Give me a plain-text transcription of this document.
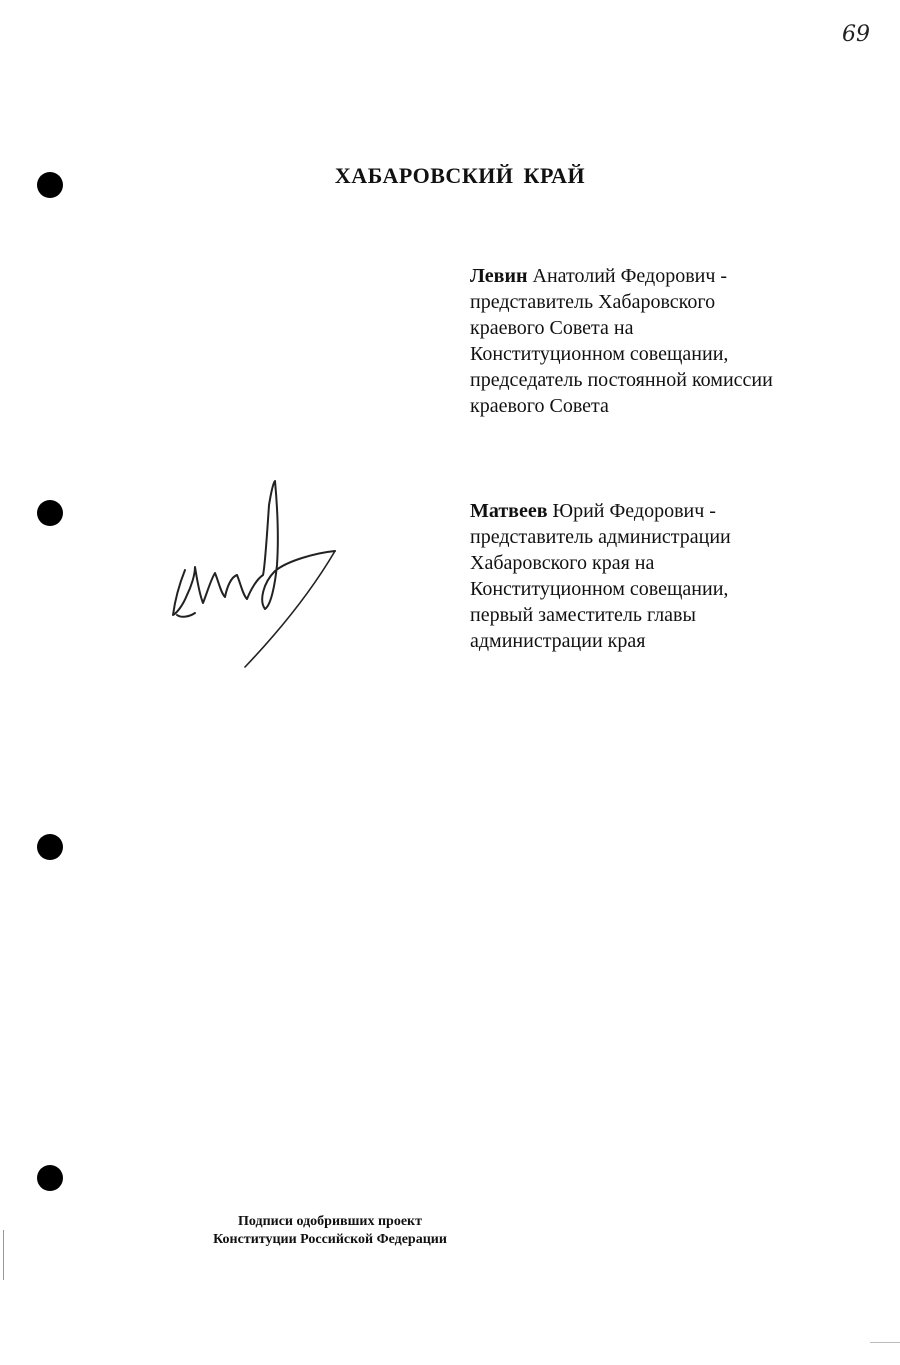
69
ХАБАРОВСКИЙ КРАЙ

Левин Анатолий Федорович -

представитель Хабаровского

краевого Совета на

Конституционном совещании,

председатель постоянной комиссии

краевого Совета

Матвеев Юрий Федорович -

представитель администрации

Хабаровского края на

Конституционном совещании,

первый заместитель главы

администрации края

Подписи одобривших проект

Конституции Российской Федерации
